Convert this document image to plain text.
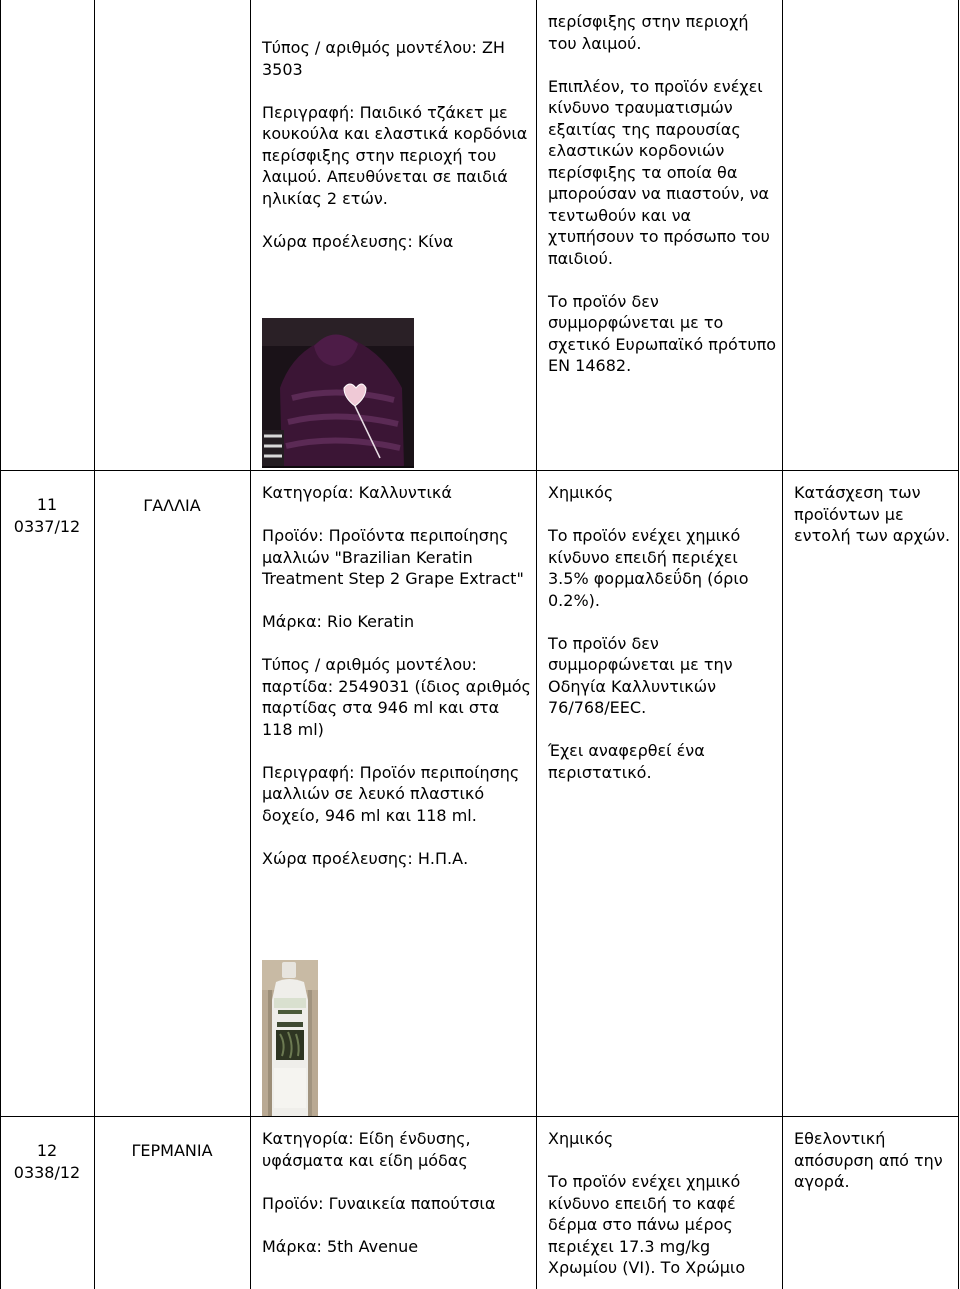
Τύπος / αριθμός μοντέλου: ZH 3503

Περιγραφή: Παιδικό τζάκετ με κουκούλα και ελαστικά κορδόνια περίσφιξης στην περιοχή του λαιμού. Απευθύνεται σε παιδιά ηλικίας 2 ετών.

Χώρα προέλευσης: Κίνα

περίσφιξης στην περιοχή του λαιμού.

Επιπλέον, το προϊόν ενέχει κίνδυνο τραυματισμών εξαιτίας της παρουσίας ελαστικών κορδονιών περίσφιξης τα οποία θα μπορούσαν να πιαστούν, να τεντωθούν και να χτυπήσουν το πρόσωπο του παιδιού.

Το προϊόν δεν συμμορφώνεται με το σχετικό Ευρωπαϊκό πρότυπο EN 14682.

11
0337/12
ΓΑΛΛΙΑ

Κατηγορία: Καλλυντικά

Προϊόν: Προϊόντα περιποίησης μαλλιών "Brazilian Keratin Treatment Step 2 Grape Extract"

Μάρκα: Rio Keratin

Τύπος / αριθμός μοντέλου: παρτίδα: 2549031 (ίδιος αριθμός παρτίδας στα 946 ml και στα 118 ml)

Περιγραφή: Προϊόν περιποίησης μαλλιών σε λευκό πλαστικό δοχείο, 946 ml και 118 ml.

Χώρα προέλευσης: Η.Π.Α.

Χημικός

Το προϊόν ενέχει χημικό κίνδυνο επειδή περιέχει 3.5% φορμαλδεΰδη (όριο 0.2%).

Το προϊόν δεν συμμορφώνεται με την Οδηγία Καλλυντικών 76/768/EEC.

Έχει αναφερθεί ένα περιστατικό.

Κατάσχεση των προϊόντων με εντολή των αρχών.
12
0338/12
ΓΕΡΜΑΝΙΑ

Κατηγορία: Είδη ένδυσης, υφάσματα και είδη μόδας

Προϊόν: Γυναικεία παπούτσια

Μάρκα: 5th Avenue

Χημικός

Το προϊόν ενέχει χημικό κίνδυνο επειδή το καφέ δέρμα στο πάνω μέρος περιέχει 17.3 mg/kg Χρωμίου (VI). Το Χρώμιο

Εθελοντική απόσυρση από την αγορά.
